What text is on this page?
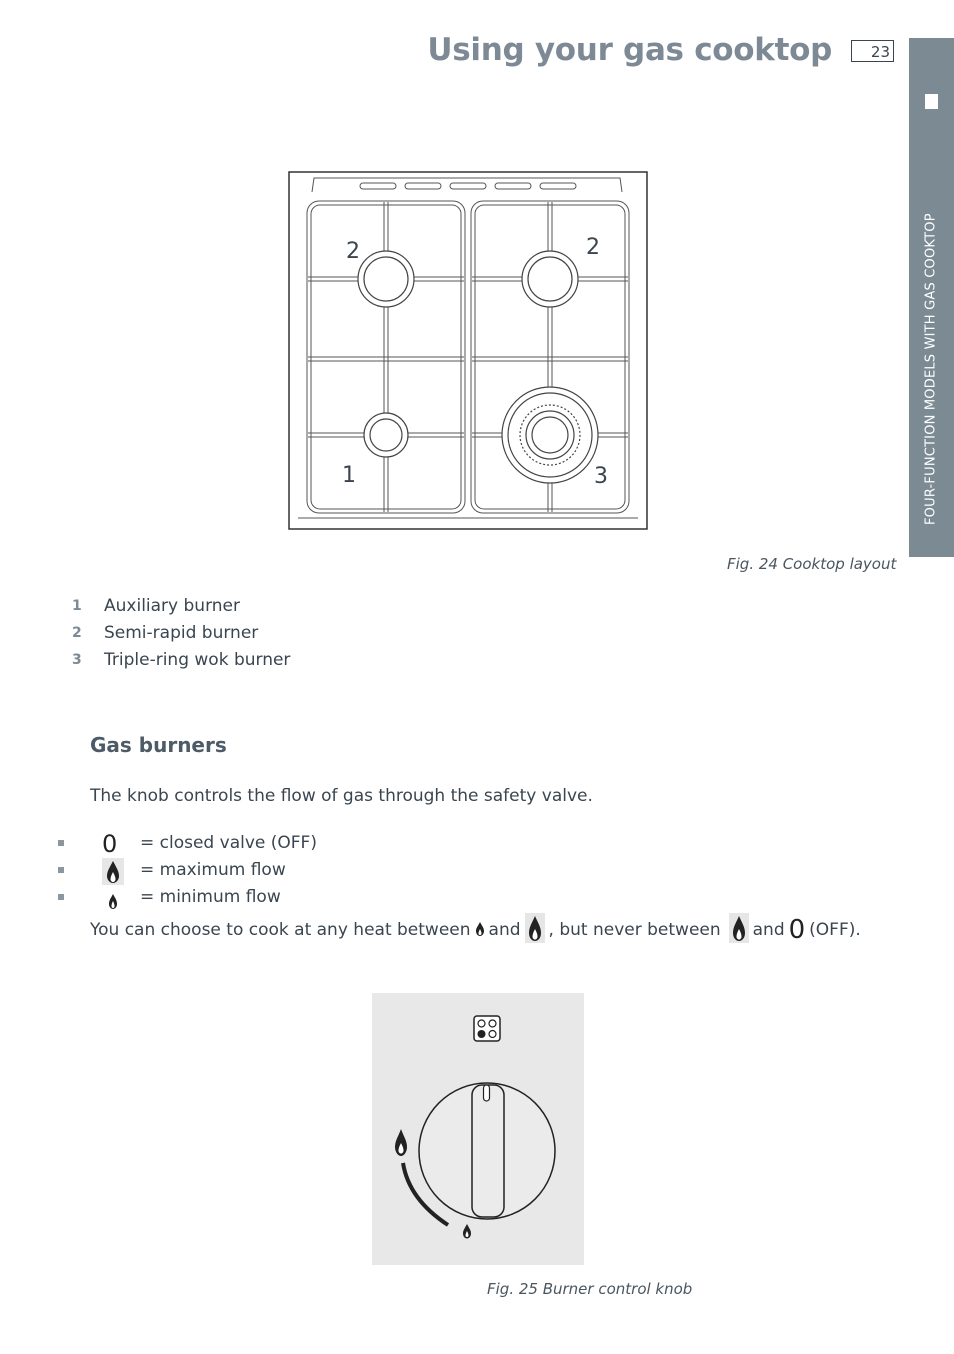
Using your gas cooktop	23
FOUR-FUNCTION MODELS WITH GAS COOKTOP
2	2
1	3
Fig. 24 Cooktop layout
1	Auxiliary burner
2	Semi-rapid burner
3	Triple-ring wok burner
Gas burners
The knob controls the flow of gas through the safety valve.
0	= closed valve (OFF)
= maximum flow
= minimum flow
You can choose to cook at any heat between and , but never between and 0 (OFF).
Fig. 25 Burner control knob
